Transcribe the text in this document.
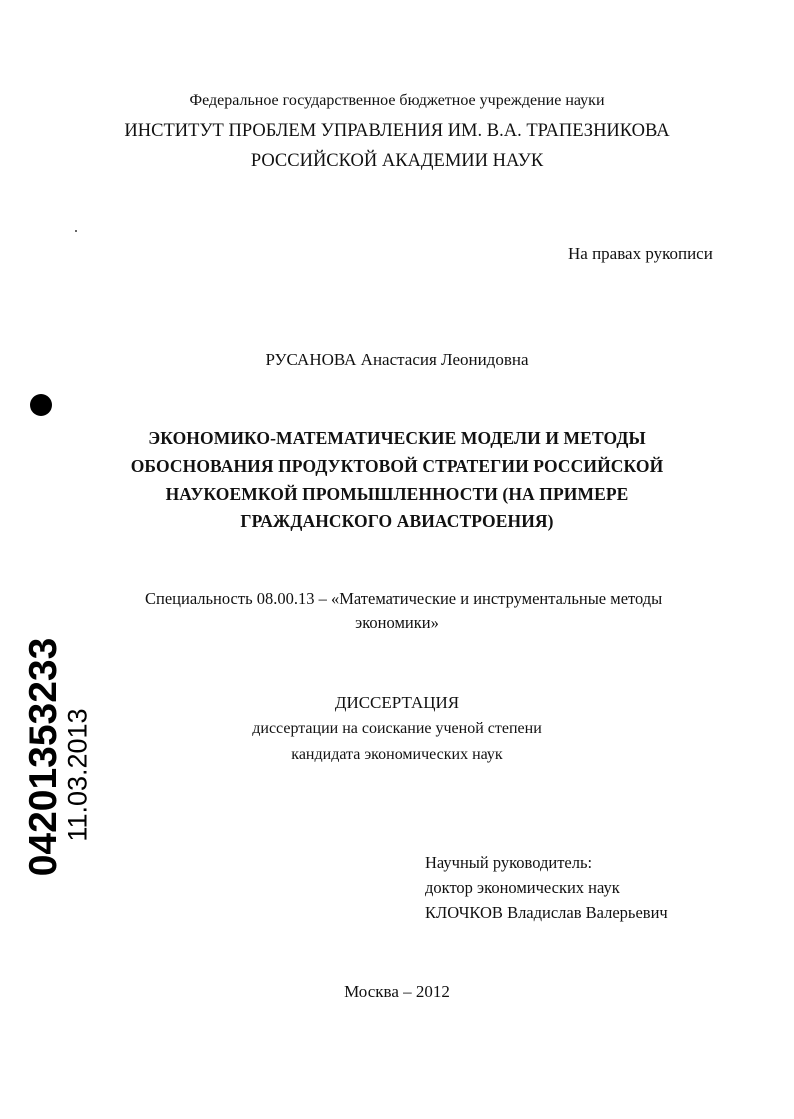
Федеральное государственное бюджетное учреждение науки
ИНСТИТУТ ПРОБЛЕМ УПРАВЛЕНИЯ ИМ. В.А. ТРАПЕЗНИКОВА
РОССИЙСКОЙ АКАДЕМИИ НАУК
На правах рукописи
РУСАНОВА Анастасия Леонидовна
ЭКОНОМИКО-МАТЕМАТИЧЕСКИЕ МОДЕЛИ И МЕТОДЫ
ОБОСНОВАНИЯ ПРОДУКТОВОЙ СТРАТЕГИИ РОССИЙСКОЙ
НАУКОЕМКОЙ ПРОМЫШЛЕННОСТИ (НА ПРИМЕРЕ
ГРАЖДАНСКОГО АВИАСТРОЕНИЯ)
Специальность 08.00.13 – «Математические и инструментальные методы
экономики»
ДИССЕРТАЦИЯ
диссертации на соискание ученой степени
кандидата экономических наук
Научный руководитель:
доктор экономических наук
КЛОЧКОВ Владислав Валерьевич
Москва – 2012
04201353233
11.03.2013
